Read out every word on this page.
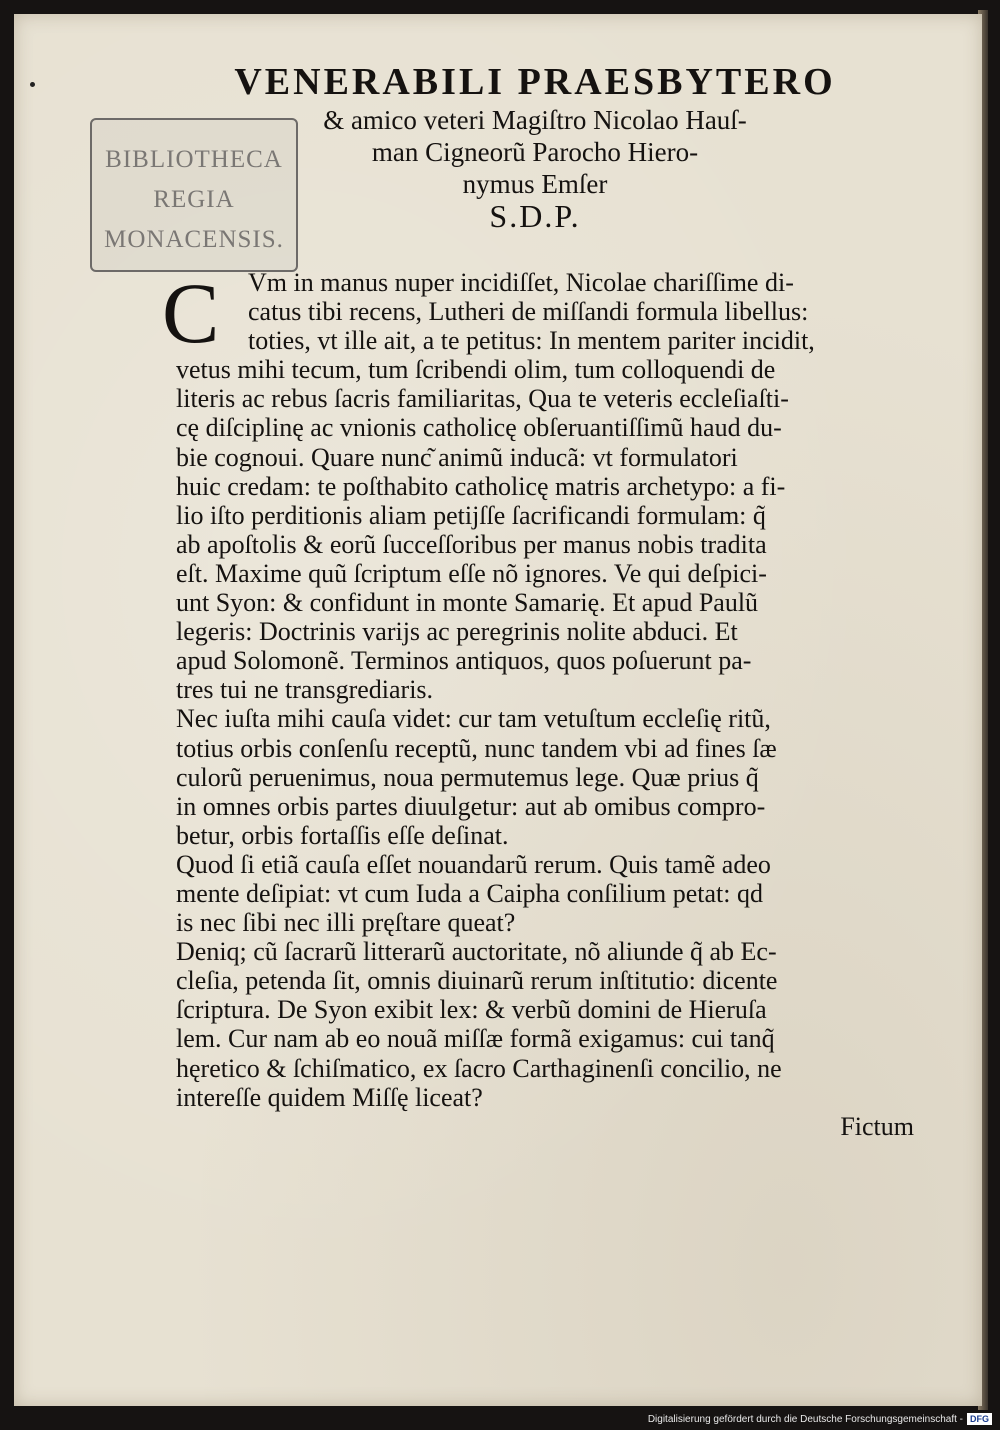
BIBLIOTHECA
REGIA
MONACENSIS.
VENERABILI PRAESBYTERO
& amico veteri Magiſtro Nicolao Hauſ-
man Cigneorũ Parocho Hiero-
nymus Emſer
S.D.P.
C	Vm in manus nuper incidiſſet, Nicolae chariſſime di-
catus tibi recens, Lutheri de miſſandi formula libellus:
toties, vt ille ait, a te petitus: In mentem pariter incidit,
vetus mihi tecum, tum ſcribendi olim, tum colloquendi de
literis ac rebus ſacris familiaritas, Qua te veteris eccleſiaſti-
cę diſciplinę ac vnionis catholicę obſeruantiſſimũ haud du-
bie cognoui. Quare nunc͂ animũ inducã: vt formulatori
huic credam: te poſthabito catholicę matris archetypo: a fi-
lio iſto perditionis aliam petijſſe ſacrificandi formulam: q̃
ab apoſtolis & eorũ ſucceſſoribus per manus nobis tradita
eſt. Maxime quũ ſcriptum eſſe nõ ignores. Ve qui deſpici-
unt Syon: & confidunt in monte Samarię. Et apud Paulũ
legeris: Doctrinis varijs ac peregrinis nolite abduci. Et
apud Solomonẽ. Terminos antiquos, quos poſuerunt pa-
tres tui ne transgrediaris.
Nec iuſta mihi cauſa videt: cur tam vetuſtum eccleſię ritũ,
totius orbis conſenſu receptũ, nunc tandem vbi ad fines ſæ
culorũ peruenimus, noua permutemus lege. Quæ prius q̃
in omnes orbis partes diuulgetur: aut ab omibus compro-
betur, orbis fortaſſis eſſe deſinat.
Quod ſi etiã cauſa eſſet nouandarũ rerum. Quis tamẽ adeo
mente deſipiat: vt cum Iuda a Caipha conſilium petat: qd
is nec ſibi nec illi pręſtare queat?
Deniq; cũ ſacrarũ litterarũ auctoritate, nõ aliunde q̃ ab Ec-
cleſia, petenda ſit, omnis diuinarũ rerum inſtitutio: dicente
ſcriptura. De Syon exibit lex: & verbũ domini de Hieruſa
lem. Cur nam ab eo nouã miſſæ formã exigamus: cui tanq̃
hęretico & ſchiſmatico, ex ſacro Carthaginenſi concilio, ne
intereſſe quidem Miſſę liceat?
Fictum
Digitalisierung gefördert durch die Deutsche Forschungsgemeinschaft - DFG
